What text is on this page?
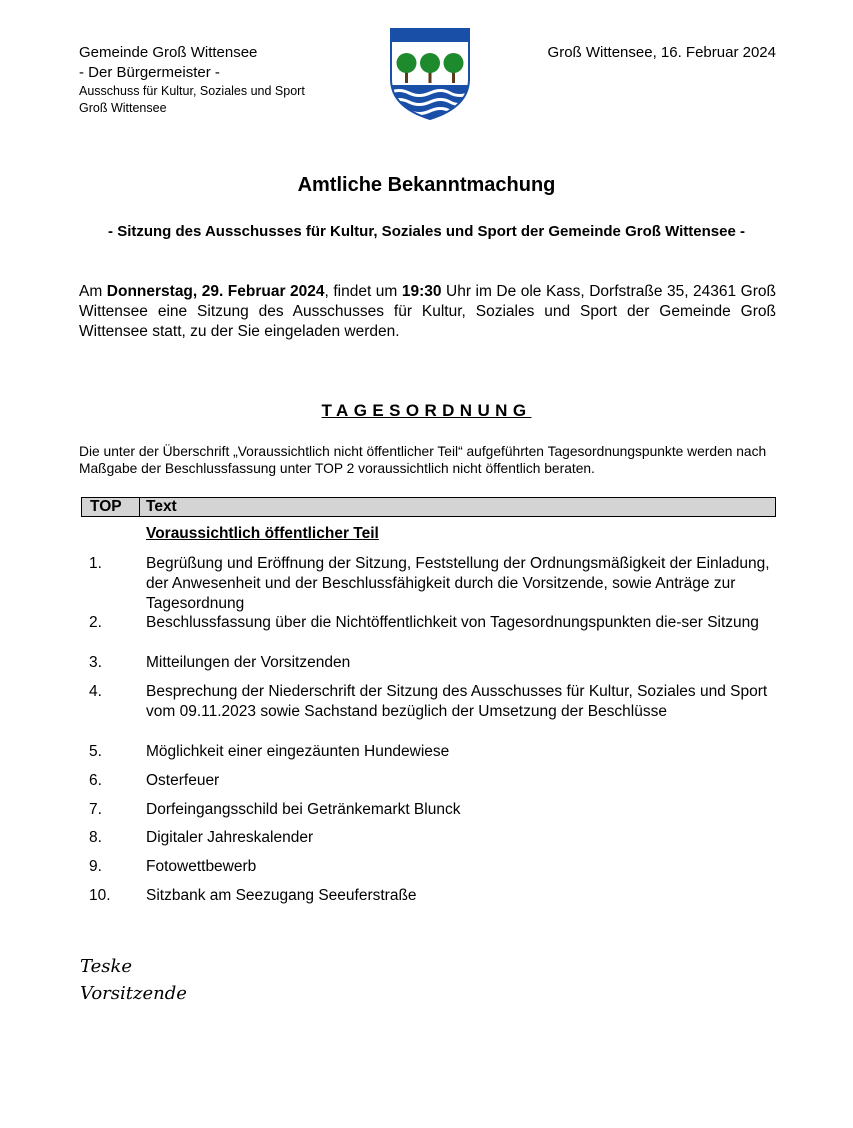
Gemeinde Groß Wittensee
- Der Bürgermeister -
Ausschuss für Kultur, Soziales und Sport
Groß Wittensee
Groß Wittensee, 16. Februar 2024
Amtliche Bekanntmachung
- Sitzung des Ausschusses für Kultur, Soziales und Sport der Gemeinde Groß Wittensee -
Am Donnerstag, 29. Februar 2024, findet um 19:30 Uhr im De ole Kass, Dorfstraße 35, 24361 Groß Wittensee eine Sitzung des Ausschusses für Kultur, Soziales und Sport der Gemeinde Groß Wittensee statt, zu der Sie eingeladen werden.
TAGESORDNUNG
Die unter der Überschrift „Voraussichtlich nicht öffentlicher Teil“ aufgeführten Tagesordnungspunkte werden nach Maßgabe der Beschlussfassung unter TOP 2 voraussichtlich nicht öffentlich beraten.
TOP	Text
Voraussichtlich öffentlicher Teil
1.	Begrüßung und Eröffnung der Sitzung, Feststellung der Ordnungsmäßigkeit der Einladung, der Anwesenheit und der Beschlussfähigkeit durch die Vorsitzende, sowie Anträge zur Tagesordnung
2.	Beschlussfassung über die Nichtöffentlichkeit von Tagesordnungspunkten die-ser Sitzung
3.	Mitteilungen der Vorsitzenden
4.	Besprechung der Niederschrift der Sitzung des Ausschusses für Kultur, Soziales und Sport vom 09.11.2023 sowie Sachstand bezüglich der Umsetzung der Beschlüsse
5.	Möglichkeit einer eingezäunten Hundewiese
6.	Osterfeuer
7.	Dorfeingangsschild bei Getränkemarkt Blunck
8.	Digitaler Jahreskalender
9.	Fotowettbewerb
10. Sitzbank am Seezugang Seeuferstraße
Teske
Vorsitzende
